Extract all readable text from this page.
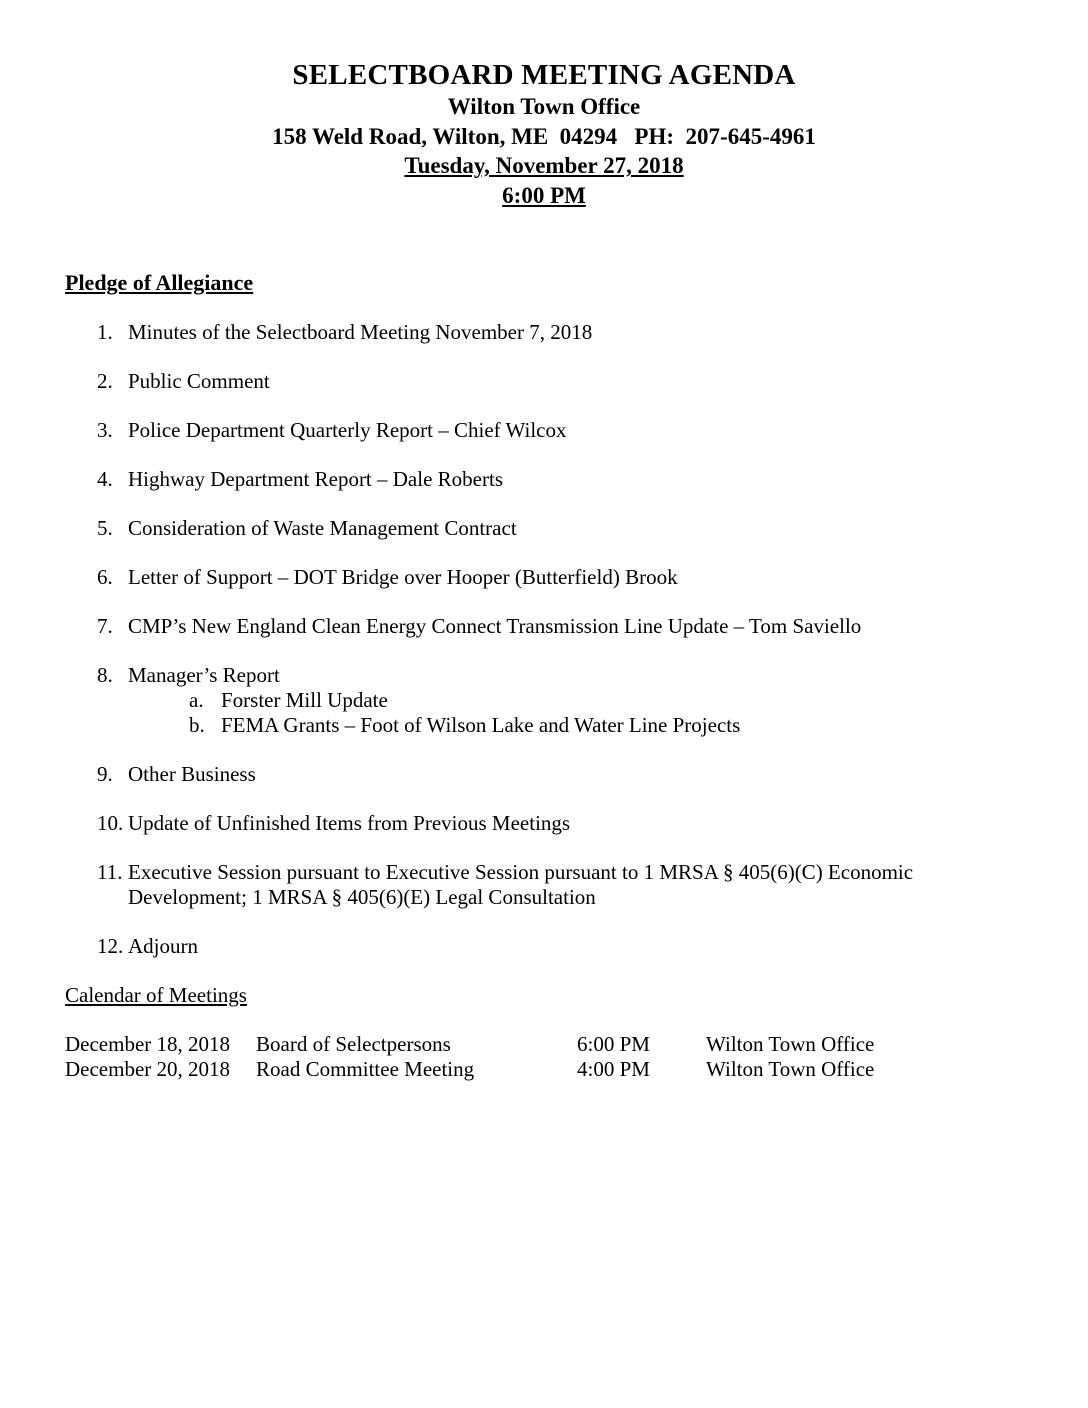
SELECTBOARD MEETING AGENDA
Wilton Town Office
158 Weld Road, Wilton, ME  04294   PH:  207-645-4961
Tuesday, November 27, 2018
6:00 PM
Pledge of Allegiance
1. Minutes of the Selectboard Meeting November 7, 2018
2. Public Comment
3. Police Department Quarterly Report – Chief Wilcox
4. Highway Department Report – Dale Roberts
5. Consideration of Waste Management Contract
6. Letter of Support – DOT Bridge over Hooper (Butterfield) Brook
7. CMP’s New England Clean Energy Connect Transmission Line Update – Tom Saviello
8. Manager’s Report
a. Forster Mill Update
b. FEMA Grants – Foot of Wilson Lake and Water Line Projects
9. Other Business
10. Update of Unfinished Items from Previous Meetings
11. Executive Session pursuant to Executive Session pursuant to 1 MRSA § 405(6)(C) Economic Development; 1 MRSA § 405(6)(E) Legal Consultation
12. Adjourn
Calendar of Meetings
December 18, 2018	Board of Selectpersons	6:00 PM	Wilton Town Office
December 20, 2018	Road Committee Meeting	4:00 PM	Wilton Town Office
